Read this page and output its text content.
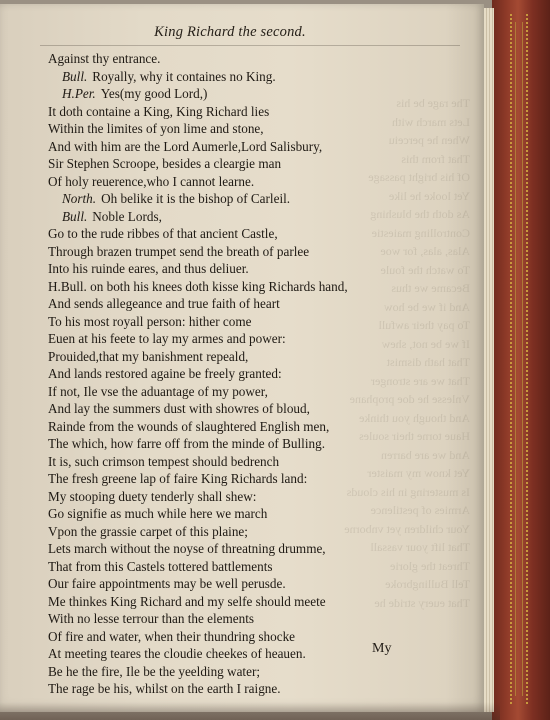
The rage be his
Lets march with
When he perceiu
That from this
Of his bright passage
Yet looke he like
As doth the blushing
Controlling maiestie
Alas, alas, for woe
To watch the foule
Became we thus
And if we be how
To pay their awfull
If we be not, shew
That hath dismist
That we are stronger
Vnlesse he doe prophane
And though you thinke
Haue torne their soules
And we are barren
Yet know my maister
Is mustering in his clouds
Armies of pestilence
Your children yet vnborne
That lift your vassall
Threat the glorie
Tell Bullingbroke
That euery stride he

King Richard the second.
Against thy entrance.
Bull. Royally, why it containes no King.
H.Per. Yes(my good Lord,)
It doth containe a King, King Richard lies
Within the limites of yon lime and stone,
And with him are the Lord Aumerle,Lord Salisbury,
Sir Stephen Scroope, besides a cleargie man
Of holy reuerence,who I cannot learne.
North. Oh belike it is the bishop of Carleil.
Bull. Noble Lords,
Go to the rude ribbes of that ancient Castle,
Through brazen trumpet send the breath of parlee
Into his ruinde eares, and thus deliuer.
H.Bull. on both his knees doth kisse king Richards hand,
And sends allegeance and true faith of heart
To his most royall person: hither come
Euen at his feete to lay my armes and power:
Prouided,that my banishment repeald,
And lands restored againe be freely granted:
If not, Ile vse the aduantage of my power,
And lay the summers dust with showres of bloud,
Rainde from the wounds of slaughtered English men,
The which, how farre off from the minde of Bulling.
It is, such crimson tempest should bedrench
The fresh greene lap of faire King Richards land:
My stooping duety tenderly shall shew:
Go signifie as much while here we march
Vpon the grassie carpet of this plaine;
Lets march without the noyse of threatning drumme,
That from this Castels tottered battlements
Our faire appointments may be well perusde.
Me thinkes King Richard and my selfe should meete
With no lesse terrour than the elements
Of fire and water, when their thundring shocke
At meeting teares the cloudie cheekes of heauen.
Be he the fire, Ile be the yeelding water;
The rage be his, whilst on the earth I raigne.
My
